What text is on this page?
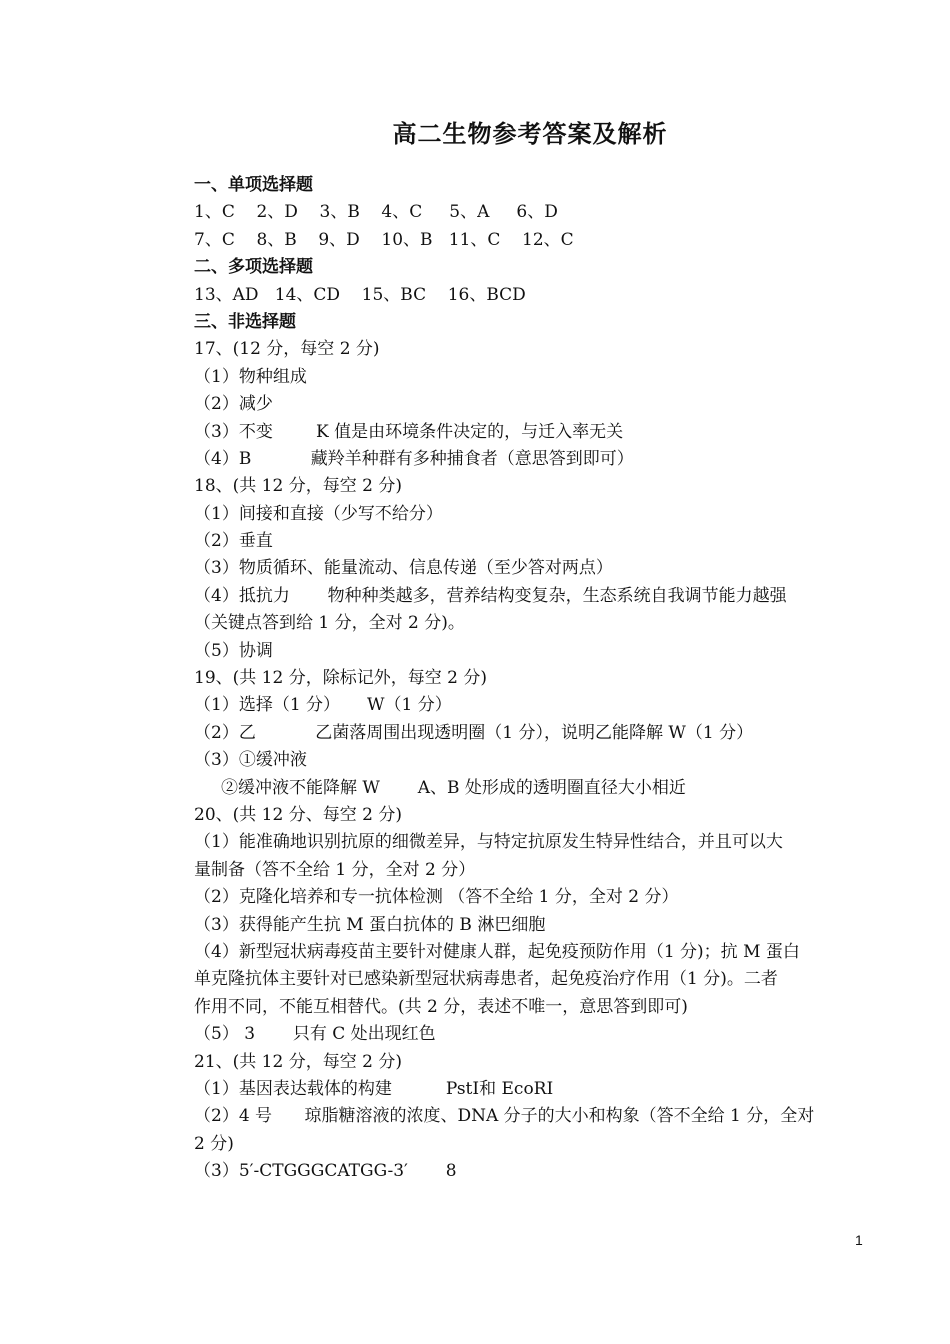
高二生物参考答案及解析
一、单项选择题
1、C    2、D    3、B    4、C     5、A     6、D
7、C    8、B    9、D    10、B   11、C    12、C
二、多项选择题
13、AD   14、CD    15、BC    16、BCD
三、非选择题
17、(12 分，每空 2 分)
（1）物种组成
（2）减少
（3）不变        K 值是由环境条件决定的，与迁入率无关
（4）B           藏羚羊种群有多种捕食者（意思答到即可）
18、(共 12 分，每空 2 分)
（1）间接和直接（少写不给分）
（2）垂直
（3）物质循环、能量流动、信息传递（至少答对两点）
（4）抵抗力       物种种类越多，营养结构变复杂，生态系统自我调节能力越强
（关键点答到给 1 分，全对 2 分)。
（5）协调
19、(共 12 分，除标记外，每空 2 分)
（1）选择（1 分）     W（1 分）
（2）乙           乙菌落周围出现透明圈（1 分），说明乙能降解 W（1 分）
（3）①缓冲液
②缓冲液不能降解 W       A、B 处形成的透明圈直径大小相近
20、(共 12 分、每空 2 分)
（1）能准确地识别抗原的细微差异，与特定抗原发生特异性结合，并且可以大
量制备（答不全给 1 分，全对 2 分）
（2）克隆化培养和专一抗体检测 （答不全给 1 分，全对 2 分）
（3）获得能产生抗 M 蛋白抗体的 B 淋巴细胞
（4）新型冠状病毒疫苗主要针对健康人群，起免疫预防作用（1 分)；抗 M 蛋白
单克隆抗体主要针对已感染新型冠状病毒患者，起免疫治疗作用（1 分)。二者
作用不同，不能互相替代。(共 2 分，表述不唯一，意思答到即可)
（5） 3       只有 C 处出现红色
21、(共 12 分，每空 2 分)
（1）基因表达载体的构建          PstⅠ和 EcoRⅠ
（2）4 号      琼脂糖溶液的浓度、DNA 分子的大小和构象（答不全给 1 分，全对
2 分)
（3）5′-CTGGGCATGG-3′       8
1
